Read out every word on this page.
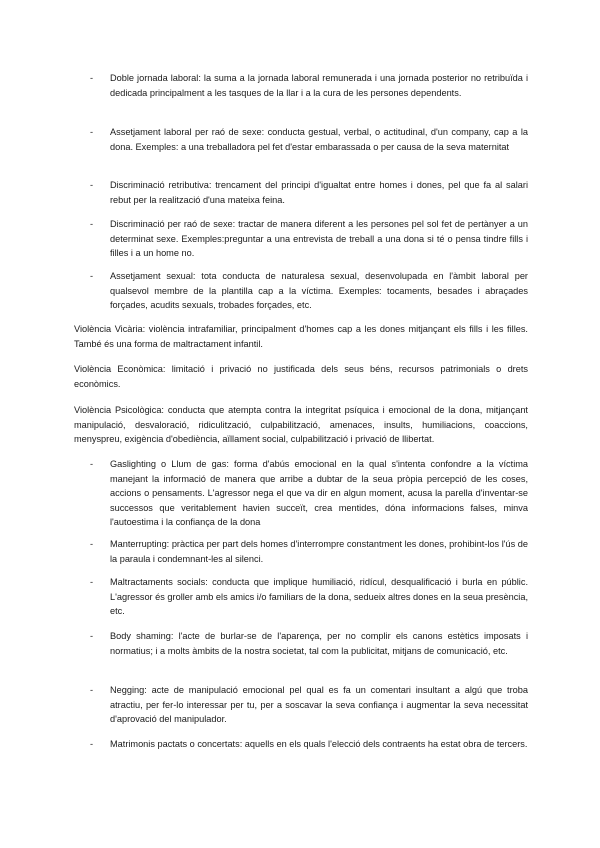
- Doble jornada laboral: la suma a la jornada laboral remunerada i una jornada posterior no retribuïda i dedicada principalment a les tasques de la llar i a la cura de les persones dependents.

- Assetjament laboral per raó de sexe: conducta gestual, verbal, o actitudinal, d'un company, cap a la dona. Exemples: a una treballadora pel fet d'estar embarassada o per causa de la seva maternitat

- Discriminació retributiva: trencament del principi d'igualtat entre homes i dones, pel que fa al salari rebut per la realització d'una mateixa feina.

- Discriminació per raó de sexe: tractar de manera diferent a les persones pel sol fet de pertànyer a un determinat sexe. Exemples:preguntar a una entrevista de treball a una dona si té o pensa tindre fills i filles i a un home no.

- Assetjament sexual: tota conducta de naturalesa sexual, desenvolupada en l'àmbit laboral per qualsevol membre de la plantilla cap a la víctima. Exemples: tocaments, besades i abraçades forçades, acudits sexuals, trobades forçades, etc.

Violència Vicària: violència intrafamiliar, principalment d'homes cap a les dones mitjançant els fills i les filles. També és una forma de maltractament infantil.

Violència Econòmica: limitació i privació no justificada dels seus béns, recursos patrimonials o drets econòmics.

Violència Psicològica: conducta que atempta contra la integritat psíquica i emocional de la dona, mitjançant manipulació, desvaloració, ridiculització, culpabilització, amenaces, insults, humiliacions, coaccions, menyspreu, exigència d'obediència, aïllament social, culpabilització i privació de llibertat.

- Gaslighting o Llum de gas: forma d'abús emocional en la qual s'intenta confondre a la víctima manejant la informació de manera que arribe a dubtar de la seua pròpia percepció de les coses, accions o pensaments. L'agressor nega el que va dir en algun moment, acusa la parella d'inventar-se successos que veritablement havien succeït, crea mentides, dóna informacions falses, minva l'autoestima i la confiança de la dona

- Manterrupting: pràctica per part dels homes d'interrompre constantment les dones, prohibint-los l'ús de la paraula i condemnant-les al silenci.

- Maltractaments socials: conducta que implique humiliació, ridícul, desqualificació i burla en públic. L'agressor és groller amb els amics i/o familiars de la dona, sedueix altres dones en la seua presència, etc.

- Body shaming: l'acte de burlar-se de l'aparença, per no complir els canons estètics imposats i normatius; i a molts àmbits de la nostra societat, tal com la publicitat, mitjans de comunicació, etc.

- Negging: acte de manipulació emocional pel qual es fa un comentari insultant a algú que troba atractiu, per fer-lo interessar per tu, per a soscavar la seva confiança i augmentar la seva necessitat d'aprovació del manipulador.

- Matrimonis pactats o concertats: aquells en els quals l'elecció dels contraents ha estat obra de tercers.
